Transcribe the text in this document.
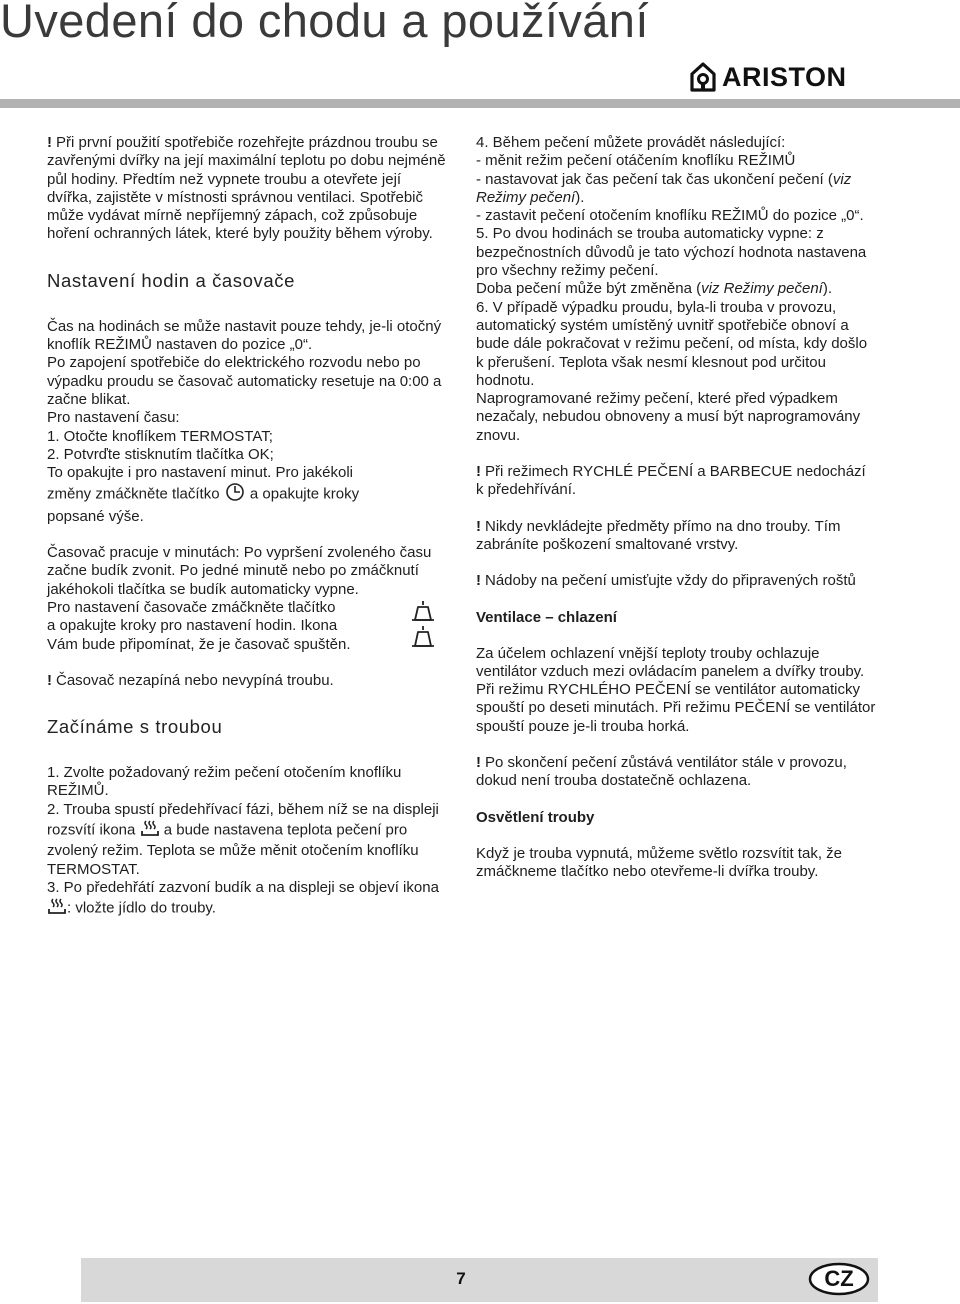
Uvedení do chodu a používání
ARISTON

! Při první použití spotřebiče rozehřejte prázdnou troubu se zavřenými dvířky na její maximální teplotu po dobu nejméně půl hodiny. Předtím než vypnete troubu a otevřete její dvířka, zajistěte v místnosti správnou ventilaci. Spotřebič může vydávat mírně nepříjemný zápach, což způsobuje hoření ochranných látek, které byly použity během výroby.

Nastavení hodin a časovače

Čas na hodinách se může nastavit pouze tehdy, je-li otočný knoflík REŽIMŮ nastaven do pozice „0“.

Po zapojení spotřebiče do elektrického rozvodu nebo po výpadku proudu se časovač automaticky resetuje na 0:00 a začne blikat.

Pro nastavení času:

1. Otočte knoflíkem TERMOSTAT;

2. Potvrďte stisknutím tlačítka OK;

To opakujte i pro nastavení minut. Pro jakékoli

změny zmáčkněte tlačítko a opakujte kroky

popsané výše.

Časovač pracuje v minutách: Po vypršení zvoleného času začne budík zvonit. Po jedné minutě nebo po zmáčknutí jakéhokoli tlačítka se budík automaticky vypne.

Pro nastavení časovače zmáčkněte tlačítko

a opakujte kroky pro nastavení hodin. Ikona

Vám bude připomínat, že je časovač spuštěn.

! Časovač nezapíná nebo nevypíná troubu.

Začínáme s troubou

1. Zvolte požadovaný režim pečení otočením knoflíku REŽIMŮ.

2. Trouba spustí předehřívací fázi, během níž se na displeji rozsvítí ikona a bude nastavena teplota pečení pro zvolený režim. Teplota se může měnit otočením knoflíku TERMOSTAT.

3. Po předehřátí zazvoní budík a na displeji se objeví ikona : vložte jídlo do trouby.

4. Během pečení můžete provádět následující:

- měnit režim pečení otáčením knoflíku REŽIMŮ

- nastavovat jak čas pečení tak čas ukončení pečení (viz Režimy pečení).

- zastavit pečení otočením knoflíku REŽIMŮ do pozice „0“.

5. Po dvou hodinách se trouba automaticky vypne: z bezpečnostních důvodů je tato výchozí hodnota nastavena pro všechny režimy pečení.

Doba pečení může být změněna (viz Režimy pečení).

6. V případě výpadku proudu, byla-li trouba v provozu, automatický systém umístěný uvnitř spotřebiče obnoví a bude dále pokračovat v režimu pečení, od místa, kdy došlo k přerušení. Teplota však nesmí klesnout pod určitou hodnotu.

Naprogramované režimy pečení, které před výpadkem nezačaly, nebudou obnoveny a musí být naprogramovány znovu.

! Při režimech RYCHLÉ PEČENÍ a BARBECUE nedochází k předehřívání.

! Nikdy nevkládejte předměty přímo na dno trouby. Tím zabráníte poškození smaltované vrstvy.

! Nádoby na pečení umisťujte vždy do připravených roštů

Ventilace – chlazení

Za účelem ochlazení vnější teploty trouby ochlazuje ventilátor vzduch mezi ovládacím panelem a dvířky trouby. Při režimu RYCHLÉHO PEČENÍ se ventilátor automaticky spouští po deseti minutách. Při režimu PEČENÍ se ventilátor spouští pouze je-li trouba horká.

! Po skončení pečení zůstává ventilátor stále v provozu, dokud není trouba dostatečně ochlazena.

Osvětlení trouby

Když je trouba vypnutá, můžeme světlo rozsvítit tak, že zmáčkneme tlačítko nebo otevřeme-li dvířka trouby.

7	CZ
